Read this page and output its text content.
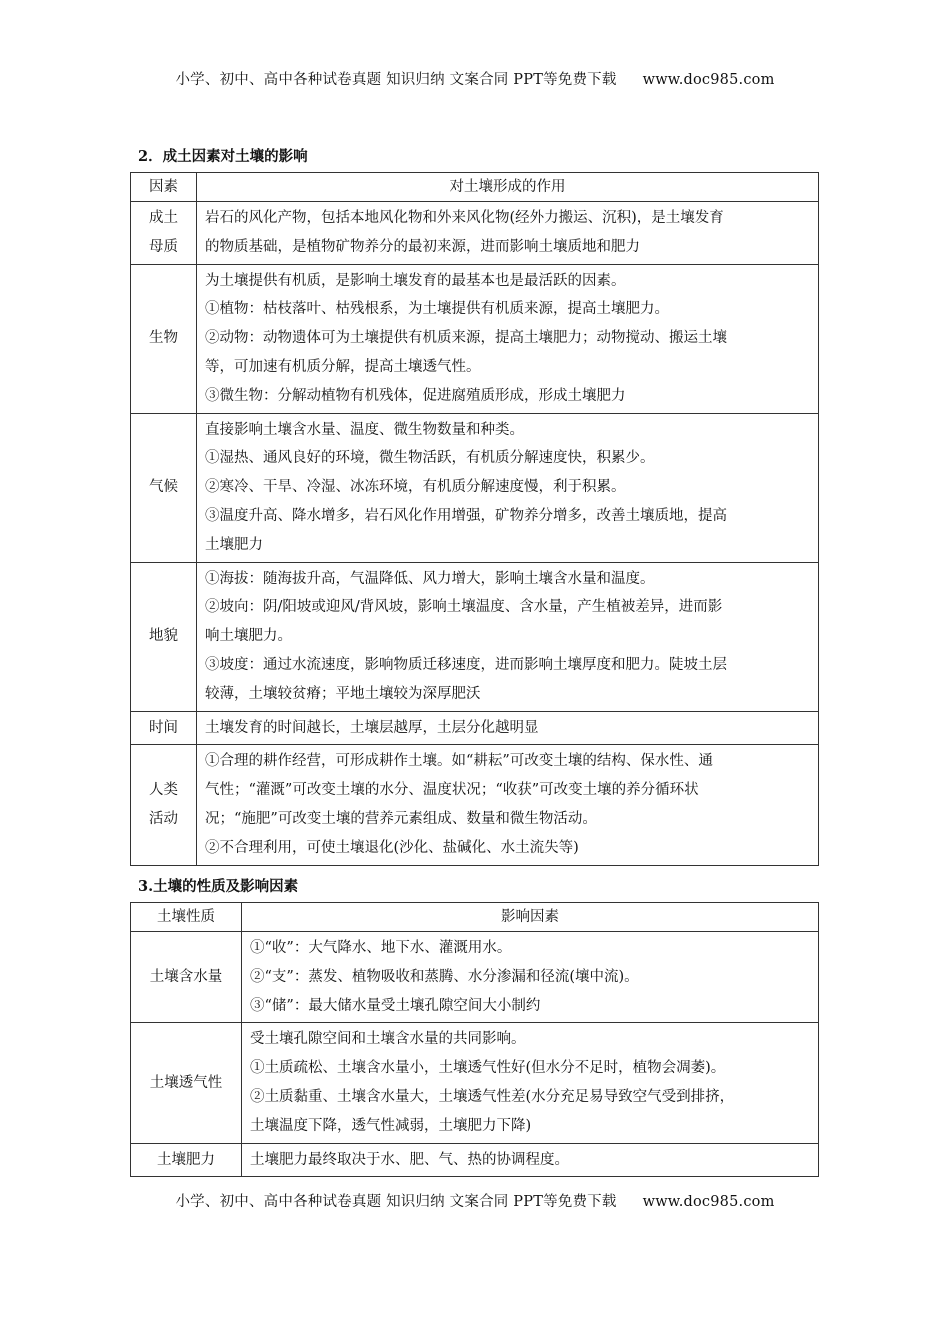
小学、初中、高中各种试卷真题 知识归纳 文案合同 PPT等免费下载 www.doc985.com
2．成土因素对土壤的影响
因素	对土壤形成的作用

成土
母质	岩石的风化产物，包括本地风化物和外来风化物(经外力搬运、沉积)，是土壤发育
的物质基础，是植物矿物养分的最初来源，进而影响土壤质地和肥力

生物	为土壤提供有机质，是影响土壤发育的最基本也是最活跃的因素。
①植物：枯枝落叶、枯残根系，为土壤提供有机质来源，提高土壤肥力。
②动物：动物遗体可为土壤提供有机质来源，提高土壤肥力；动物搅动、搬运土壤
等，可加速有机质分解，提高土壤透气性。
③微生物：分解动植物有机残体，促进腐殖质形成，形成土壤肥力

气候	直接影响土壤含水量、温度、微生物数量和种类。
①湿热、通风良好的环境，微生物活跃，有机质分解速度快，积累少。
②寒冷、干旱、冷湿、冰冻环境，有机质分解速度慢，利于积累。
③温度升高、降水增多，岩石风化作用增强，矿物养分增多，改善土壤质地，提高
土壤肥力

地貌	①海拔：随海拔升高，气温降低、风力增大，影响土壤含水量和温度。
②坡向：阴/阳坡或迎风/背风坡，影响土壤温度、含水量，产生植被差异，进而影
响土壤肥力。
③坡度：通过水流速度，影响物质迁移速度，进而影响土壤厚度和肥力。陡坡土层
较薄，土壤较贫瘠；平地土壤较为深厚肥沃

时间	土壤发育的时间越长，土壤层越厚，土层分化越明显

人类
活动	①合理的耕作经营，可形成耕作土壤。如“耕耘”可改变土壤的结构、保水性、通
气性；“灌溉”可改变土壤的水分、温度状况；“收获”可改变土壤的养分循环状
况；“施肥”可改变土壤的营养元素组成、数量和微生物活动。
②不合理利用，可使土壤退化(沙化、盐碱化、水土流失等)
3.土壤的性质及影响因素
土壤性质	影响因素

土壤含水量	①“收”：大气降水、地下水、灌溉用水。
②“支”：蒸发、植物吸收和蒸腾、水分渗漏和径流(壤中流)。
③“储”：最大储水量受土壤孔隙空间大小制约

土壤透气性	受土壤孔隙空间和土壤含水量的共同影响。
①土质疏松、土壤含水量小，土壤透气性好(但水分不足时，植物会凋萎)。
②土质黏重、土壤含水量大，土壤透气性差(水分充足易导致空气受到排挤，
土壤温度下降，透气性减弱，土壤肥力下降)

土壤肥力	土壤肥力最终取决于水、肥、气、热的协调程度。
小学、初中、高中各种试卷真题 知识归纳 文案合同 PPT等免费下载 www.doc985.com
